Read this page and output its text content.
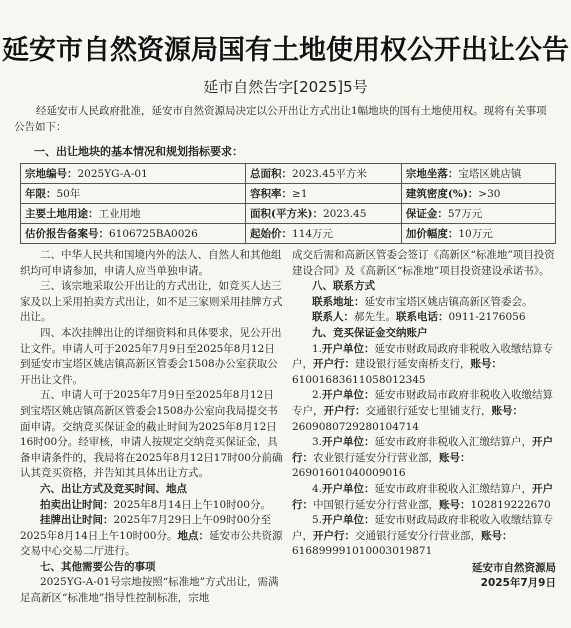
延安市自然资源局国有土地使用权公开出让公告
延市自然告字[2025]5号
经延安市人民政府批准，延安市自然资源局决定以公开出让方式出让1幅地块的国有土地使用权。现将有关事项公告如下：
一、出让地块的基本情况和规划指标要求：
宗地编号：2025YG-A-01	总面积：2023.45平方米	宗地坐落：宝塔区姚店镇
年限：50年	容积率：≥1	建筑密度(%)：>30
主要土地用途：工业用地	面积(平方米)：2023.45	保证金：57万元
估价报告备案号：6106725BA0026	起始价：114万元	加价幅度：10万元

二、中华人民共和国境内外的法人、自然人和其他组织均可申请参加，申请人应当单独申请。

三、该宗地采取公开出让的方式出让，如竞买人达三家及以上采用拍卖方式出让，如不足三家则采用挂牌方式出让。

四、本次挂牌出让的详细资料和具体要求，见公开出让文件。申请人可于2025年7月9日至2025年8月12日到延安市宝塔区姚店镇高新区管委会1508办公室获取公开出让文件。

五、申请人可于2025年7月9日至2025年8月12日到宝塔区姚店镇高新区管委会1508办公室向我局提交书面申请。交纳竞买保证金的截止时间为2025年8月12日16时00分。经审核，申请人按规定交纳竞买保证金，具备申请条件的，我局将在2025年8月12日17时00分前确认其竞买资格，并告知其具体出让方式。

六、出让方式及竞买时间、地点

拍卖出让时间：2025年8月14日上午10时00分。

挂牌出让时间：2025年7月29日上午09时00分至2025年8月14日上午10时00分。地点：延安市公共资源交易中心交易二厅进行。

七、其他需要公告的事项

2025YG-A-01号宗地按照“标准地”方式出让，需满足高新区“标准地”指导性控制标准，宗地

成交后需和高新区管委会签订《高新区“标准地”项目投资建设合同》及《高新区“标准地”项目投资建设承诺书》。

八、联系方式

联系地址：延安市宝塔区姚店镇高新区管委会。

联系人：郝先生。联系电话：0911-2176056

九、竞买保证金交纳账户

1.开户单位：延安市财政局政府非税收入收缴结算专户，开户行：建设银行延安南桥支行，账号：61001683611058012345

2.开户单位：延安市财政局市政府非税收入收缴结算专户，开户行：交通银行延安七里铺支行，账号：260908072928010471​4

3.开户单位：延安市政府非税收入汇缴结算户，开户行：农业银行延安分行营业部，账号：26901601040009016

4.开户单位：延安市政府非税收入汇缴结算户，开户行：中国银行延安分行营业部，账号：102819222670

5.开户单位：延安市财政局政府非税收入收缴结算专户，开户行：交通银行延安分行营业部，账号：61689999101000301​9871

延安市自然资源局

2025年7月9日
